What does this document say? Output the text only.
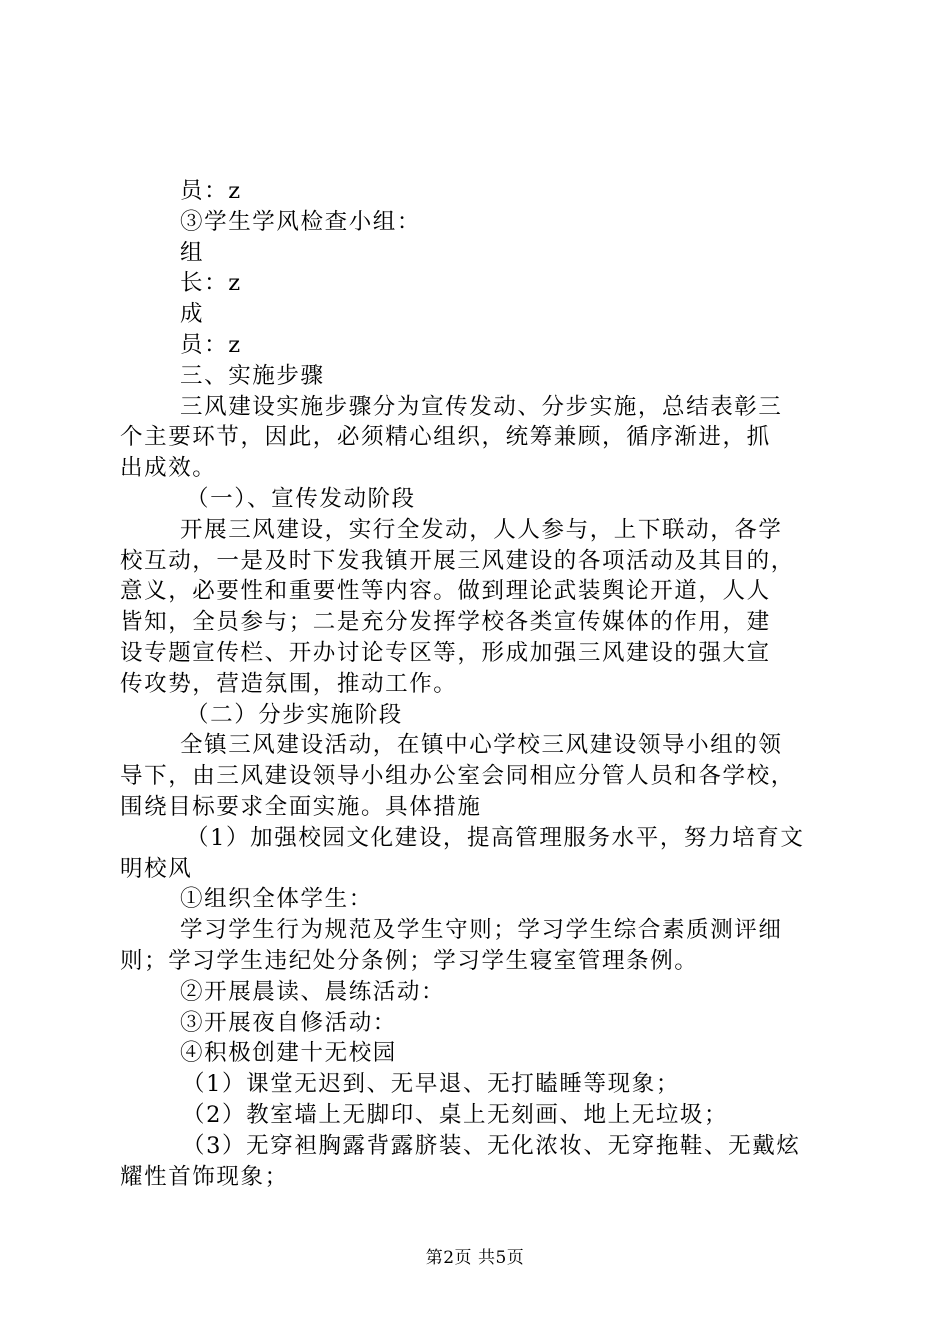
员：z
③学生学风检查小组：
组
长：z
成
员：z
三、实施步骤
三风建设实施步骤分为宣传发动、分步实施，总结表彰三
个主要环节，因此，必须精心组织，统筹兼顾，循序渐进，抓
出成效。
（一）、宣传发动阶段
开展三风建设，实行全发动，人人参与，上下联动，各学
校互动，一是及时下发我镇开展三风建设的各项活动及其目的，
意义，必要性和重要性等内容。做到理论武装舆论开道，人人
皆知，全员参与；二是充分发挥学校各类宣传媒体的作用，建
设专题宣传栏、开办讨论专区等，形成加强三风建设的强大宣
传攻势，营造氛围，推动工作。
（二）分步实施阶段
全镇三风建设活动，在镇中心学校三风建设领导小组的领
导下，由三风建设领导小组办公室会同相应分管人员和各学校，
围绕目标要求全面实施。具体措施
（1）加强校园文化建设，提高管理服务水平，努力培育文
明校风
①组织全体学生：
学习学生行为规范及学生守则；学习学生综合素质测评细
则；学习学生违纪处分条例；学习学生寝室管理条例。
②开展晨读、晨练活动：
③开展夜自修活动：
④积极创建十无校园
（1）课堂无迟到、无早退、无打瞌睡等现象；
（2）教室墙上无脚印、桌上无刻画、地上无垃圾；
（3）无穿袒胸露背露脐装、无化浓妆、无穿拖鞋、无戴炫
耀性首饰现象；
第2页 共5页
